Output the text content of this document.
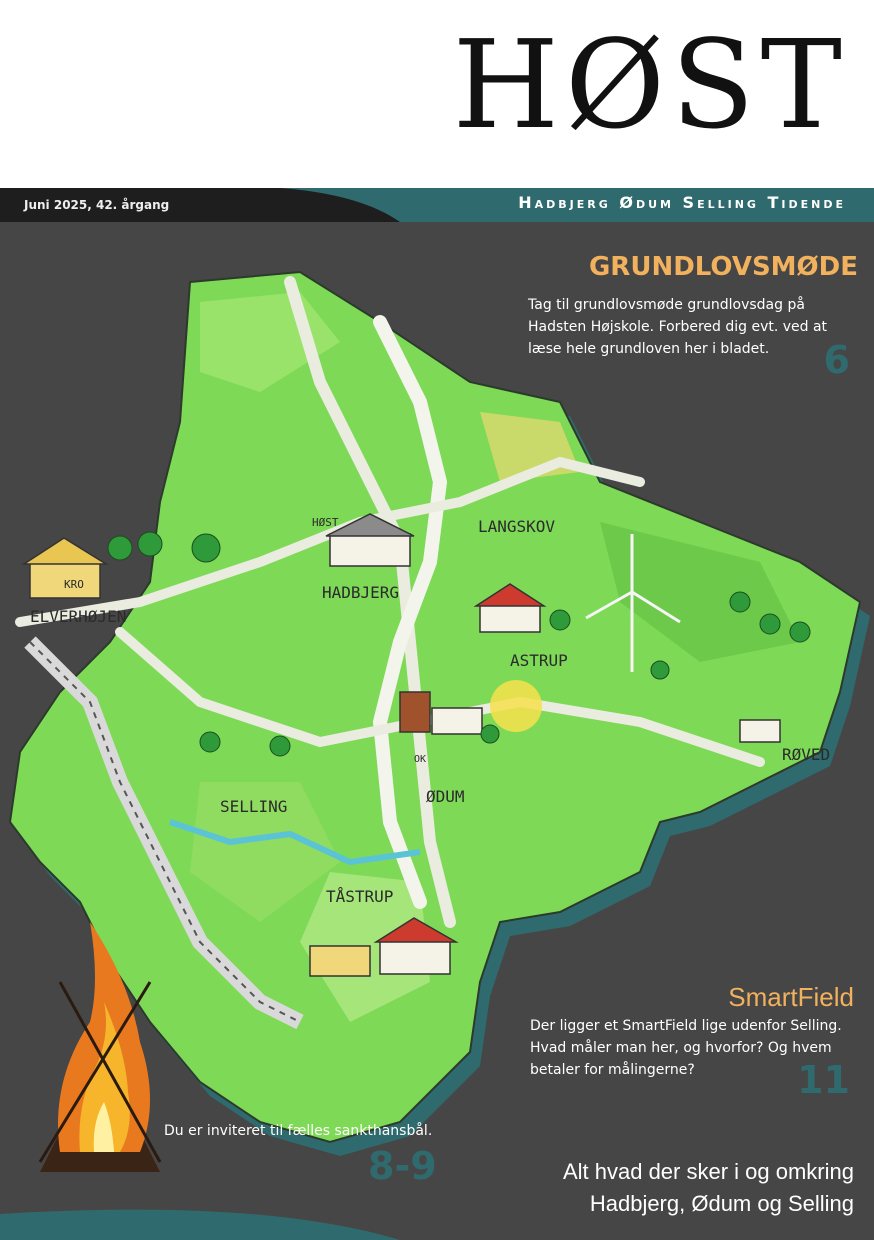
HØST
Juni 2025, 42. årgang	Hadbjerg Ødum Selling Tidende
LANGSKOV
HADBJERG
ELVERHØJEN
ASTRUP
SELLING
ØDUM
RØVED
TÅSTRUP
HØST
KRO
OK
GRUNDLOVSMØDE
Tag til grundlovsmøde grundlovsdag på Hadsten Højskole. Forbered dig evt. ved at læse hele grundloven her i bladet.	6
SmartField
Der ligger et SmartField lige udenfor Selling. Hvad måler man her, og hvorfor? Og hvem betaler for målingerne?	11
Du er inviteret til fælles sankthansbål.
8-9	Alt hvad der sker i og omkring
Hadbjerg, Ødum og Selling
